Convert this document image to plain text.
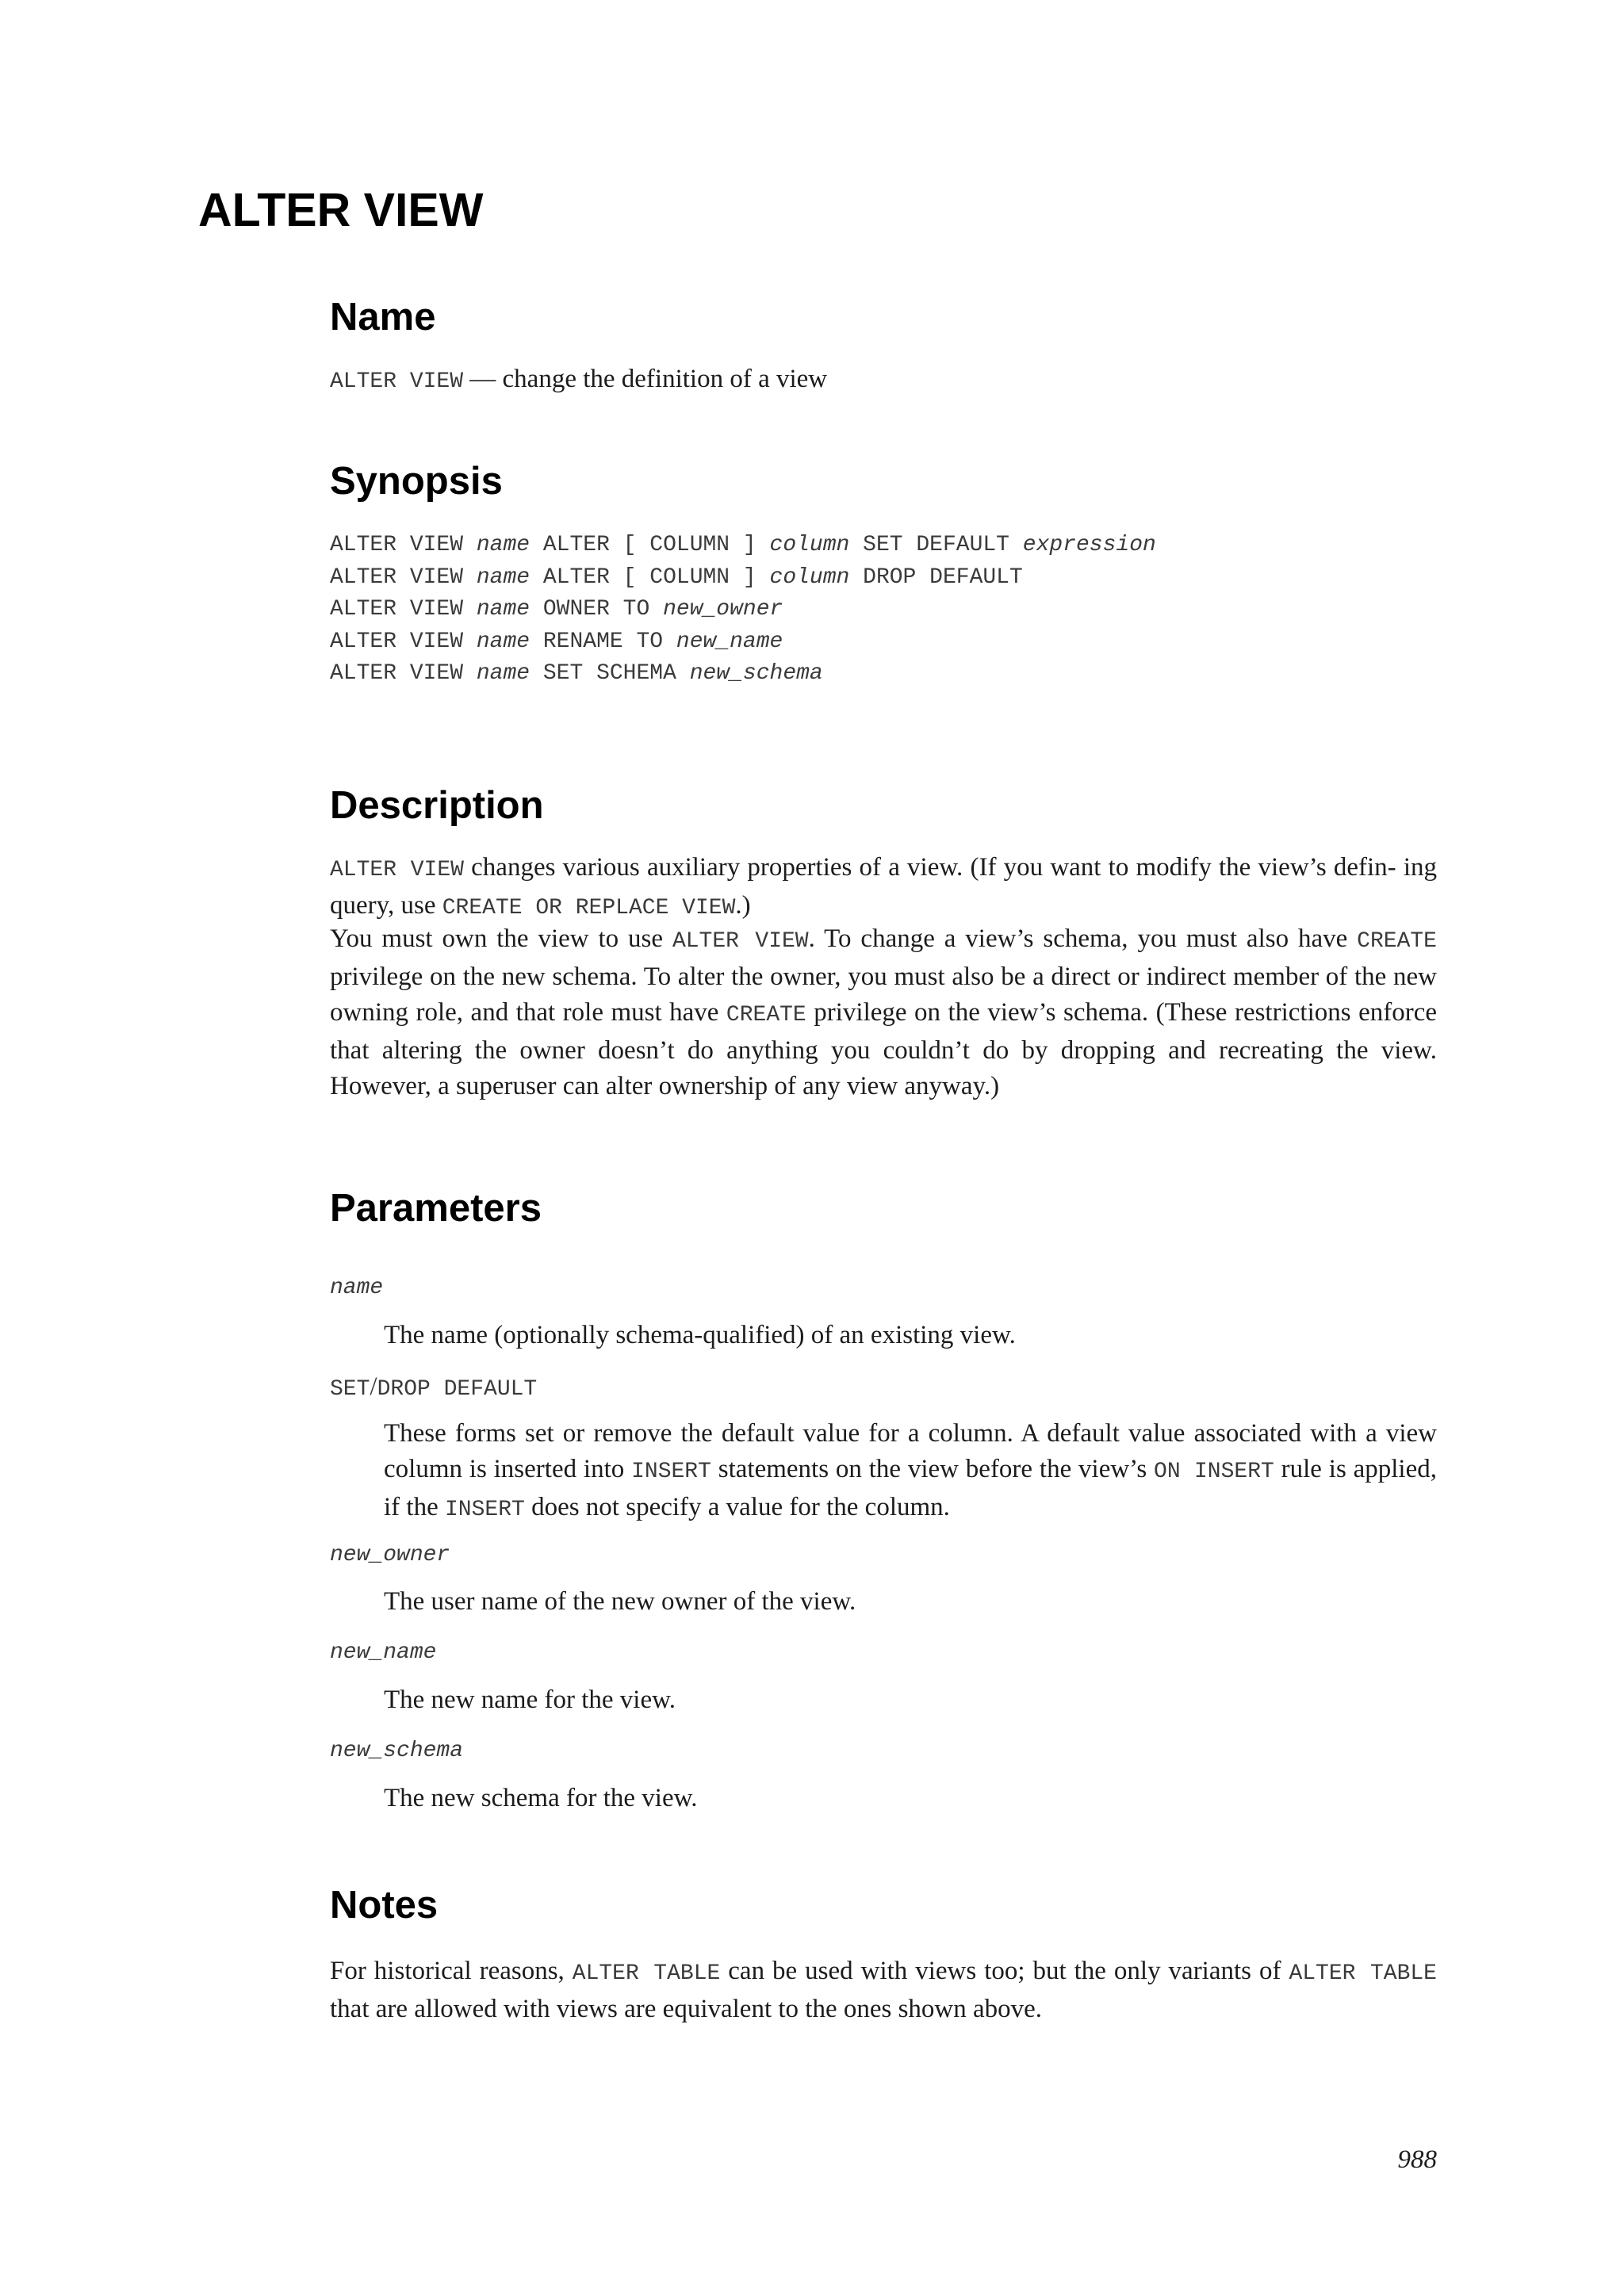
ALTER VIEW
Name

ALTER VIEW — change the definition of a view

Synopsis
ALTER VIEW name ALTER [ COLUMN ] column SET DEFAULT expression
ALTER VIEW name ALTER [ COLUMN ] column DROP DEFAULT
ALTER VIEW name OWNER TO new_owner
ALTER VIEW name RENAME TO new_name
ALTER VIEW name SET SCHEMA new_schema
Description

ALTER VIEW changes various auxiliary properties of a view. (If you want to modify the view’s defin- ing query, use CREATE OR REPLACE VIEW.)

You must own the view to use ALTER VIEW. To change a view’s schema, you must also have CREATE privilege on the new schema. To alter the owner, you must also be a direct or indirect member of the new owning role, and that role must have CREATE privilege on the view’s schema. (These restrictions enforce that altering the owner doesn’t do anything you couldn’t do by dropping and recreating the view. However, a superuser can alter ownership of any view anyway.)

Parameters

name

The name (optionally schema-qualified) of an existing view.

SET/DROP DEFAULT

These forms set or remove the default value for a column. A default value associated with a view column is inserted into INSERT statements on the view before the view’s ON INSERT rule is applied, if the INSERT does not specify a value for the column.

new_owner

The user name of the new owner of the view.

new_name

The new name for the view.

new_schema

The new schema for the view.

Notes

For historical reasons, ALTER TABLE can be used with views too; but the only variants of ALTER TABLE that are allowed with views are equivalent to the ones shown above.

988
